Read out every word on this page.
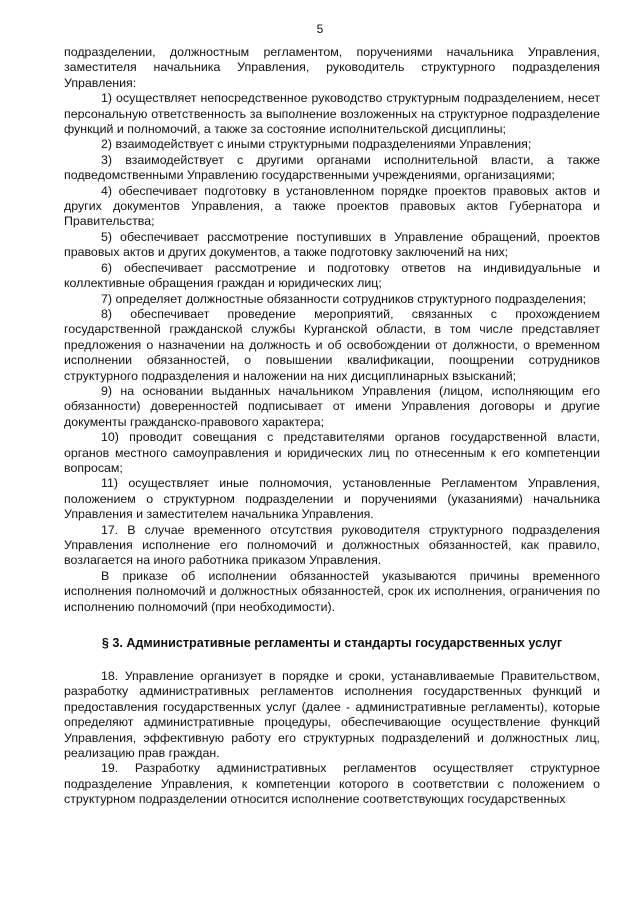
5

подразделении, должностным регламентом, поручениями начальника Управления, заместителя начальника Управления, руководитель структурного подразделения Управления:

1) осуществляет непосредственное руководство структурным подразделением, несет персональную ответственность за выполнение возложенных на структурное подразделение функций и полномочий, а также за состояние исполнительской дисциплины;

2) взаимодействует с иными структурными подразделениями Управления;

3) взаимодействует с другими органами исполнительной власти, а также подведомственными Управлению государственными учреждениями, организациями;

4) обеспечивает подготовку в установленном порядке проектов правовых актов и других документов Управления, а также проектов правовых актов Губернатора и Правительства;

5) обеспечивает рассмотрение поступивших в Управление обращений, проектов правовых актов и других документов, а также подготовку заключений на них;

6) обеспечивает рассмотрение и подготовку ответов на индивидуальные и коллективные обращения граждан и юридических лиц;

7) определяет должностные обязанности сотрудников структурного подразделения;

8) обеспечивает проведение мероприятий, связанных с прохождением государственной гражданской службы Курганской области, в том числе представляет предложения о назначении на должность и об освобождении от должности, о временном исполнении обязанностей, о повышении квалификации, поощрении сотрудников структурного подразделения и наложении на них дисциплинарных взысканий;

9) на основании выданных начальником Управления (лицом, исполняющим его обязанности) доверенностей подписывает от имени Управления договоры и другие документы гражданско-правового характера;

10) проводит совещания с представителями органов государственной власти, органов местного самоуправления и юридических лиц по отнесенным к его компетенции вопросам;

11) осуществляет иные полномочия, установленные Регламентом Управления, положением о структурном подразделении и поручениями (указаниями) начальника Управления и заместителем начальника Управления.

17. В случае временного отсутствия руководителя структурного подразделения Управления исполнение его полномочий и должностных обязанностей, как правило, возлагается на иного работника приказом Управления.

В приказе об исполнении обязанностей указываются причины временного исполнения полномочий и должностных обязанностей, срок их исполнения, ограничения по исполнению полномочий (при необходимости).

§ 3. Административные регламенты и стандарты государственных услуг

18. Управление организует в порядке и сроки, устанавливаемые Правительством, разработку административных регламентов исполнения государственных функций и предоставления государственных услуг (далее - административные регламенты), которые определяют административные процедуры, обеспечивающие осуществление функций Управления, эффективную работу его структурных подразделений и должностных лиц, реализацию прав граждан.

19. Разработку административных регламентов осуществляет структурное подразделение Управления, к компетенции которого в соответствии с положением о структурном подразделении относится исполнение соответствующих государственных
